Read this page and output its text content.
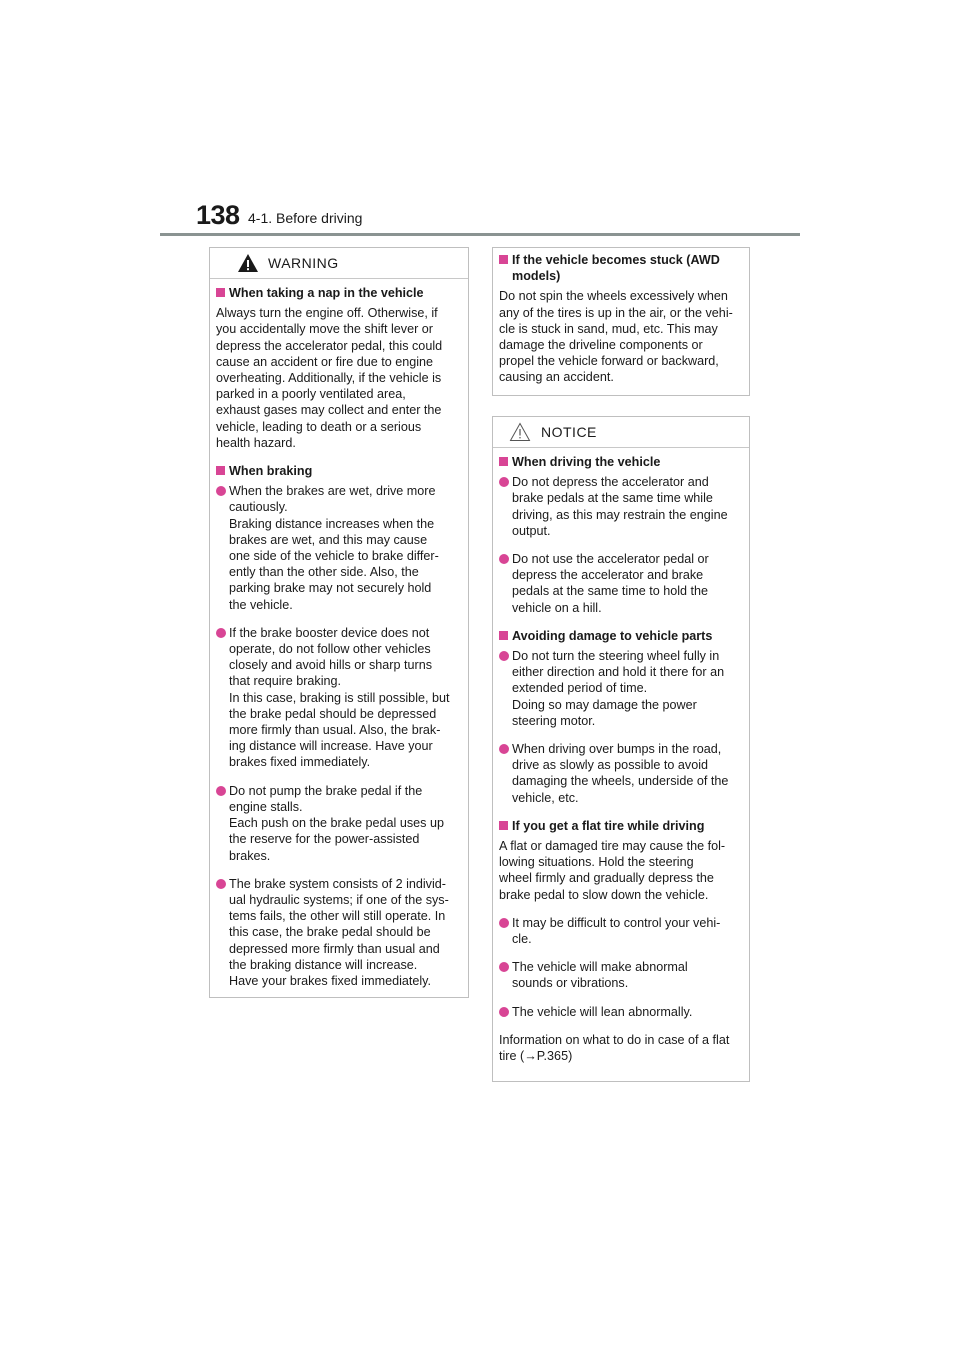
138 4-1. Before driving
WARNING
When taking a nap in the vehicle
Always turn the engine off. Otherwise, if
you accidentally move the shift lever or
depress the accelerator pedal, this could
cause an accident or fire due to engine
overheating. Additionally, if the vehicle is
parked in a poorly ventilated area,
exhaust gases may collect and enter the
vehicle, leading to death or a serious
health hazard.
When braking
When the brakes are wet, drive more
cautiously.
Braking distance increases when the
brakes are wet, and this may cause
one side of the vehicle to brake differ-
ently than the other side. Also, the
parking brake may not securely hold
the vehicle.
If the brake booster device does not
operate, do not follow other vehicles
closely and avoid hills or sharp turns
that require braking.
In this case, braking is still possible, but
the brake pedal should be depressed
more firmly than usual. Also, the brak-
ing distance will increase. Have your
brakes fixed immediately.
Do not pump the brake pedal if the
engine stalls.
Each push on the brake pedal uses up
the reserve for the power-assisted
brakes.
The brake system consists of 2 individ-
ual hydraulic systems; if one of the sys-
tems fails, the other will still operate. In
this case, the brake pedal should be
depressed more firmly than usual and
the braking distance will increase.
Have your brakes fixed immediately.
If the vehicle becomes stuck (AWD
models)
Do not spin the wheels excessively when
any of the tires is up in the air, or the vehi-
cle is stuck in sand, mud, etc. This may
damage the driveline components or
propel the vehicle forward or backward,
causing an accident.
NOTICE
When driving the vehicle
Do not depress the accelerator and
brake pedals at the same time while
driving, as this may restrain the engine
output.
Do not use the accelerator pedal or
depress the accelerator and brake
pedals at the same time to hold the
vehicle on a hill.
Avoiding damage to vehicle parts
Do not turn the steering wheel fully in
either direction and hold it there for an
extended period of time.
Doing so may damage the power
steering motor.
When driving over bumps in the road,
drive as slowly as possible to avoid
damaging the wheels, underside of the
vehicle, etc.
If you get a flat tire while driving
A flat or damaged tire may cause the fol-
lowing situations. Hold the steering
wheel firmly and gradually depress the
brake pedal to slow down the vehicle.
It may be difficult to control your vehi-
cle.
The vehicle will make abnormal
sounds or vibrations.
The vehicle will lean abnormally.
Information on what to do in case of a flat
tire (→P.365)
